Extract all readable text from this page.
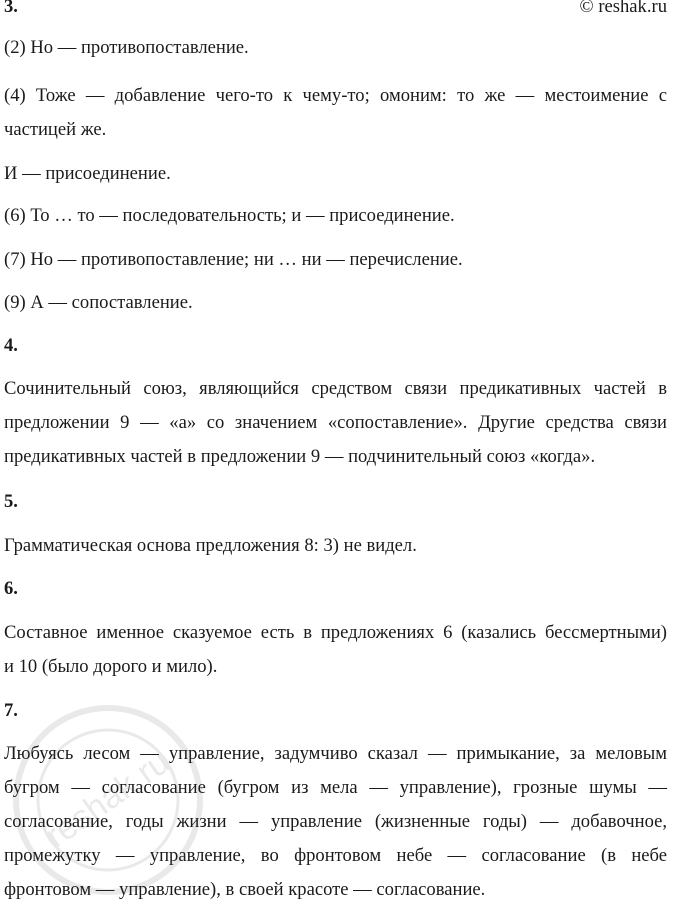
3.	© reshak.ru
(2) Но — противопоставление.
(4) Тоже — добавление чего-то к чему-то; омоним: то же — местоимение с
частицей же.
И — присоединение.
(6) То … то — последовательность; и — присоединение.
(7) Но — противопоставление; ни … ни — перечисление.
(9) А — сопоставление.
4.
Сочинительный союз, являющийся средством связи предикативных частей в
предложении 9 — «а» со значением «сопоставление». Другие средства связи
предикативных частей в предложении 9 — подчинительный союз «когда».
5.
Грамматическая основа предложения 8: 3) не видел.
6.
Составное именное сказуемое есть в предложениях 6 (казались бессмертными)
и 10 (было дорого и мило).
7.
Любуясь лесом — управление, задумчиво сказал — примыкание, за меловым
бугром — согласование (бугром из мела — управление), грозные шумы —
согласование, годы жизни — управление (жизненные годы) — добавочное,
промежутку — управление, во фронтовом небе — согласование (в небе
фронтовом — управление), в своей красоте — согласование.
reshak.ru
